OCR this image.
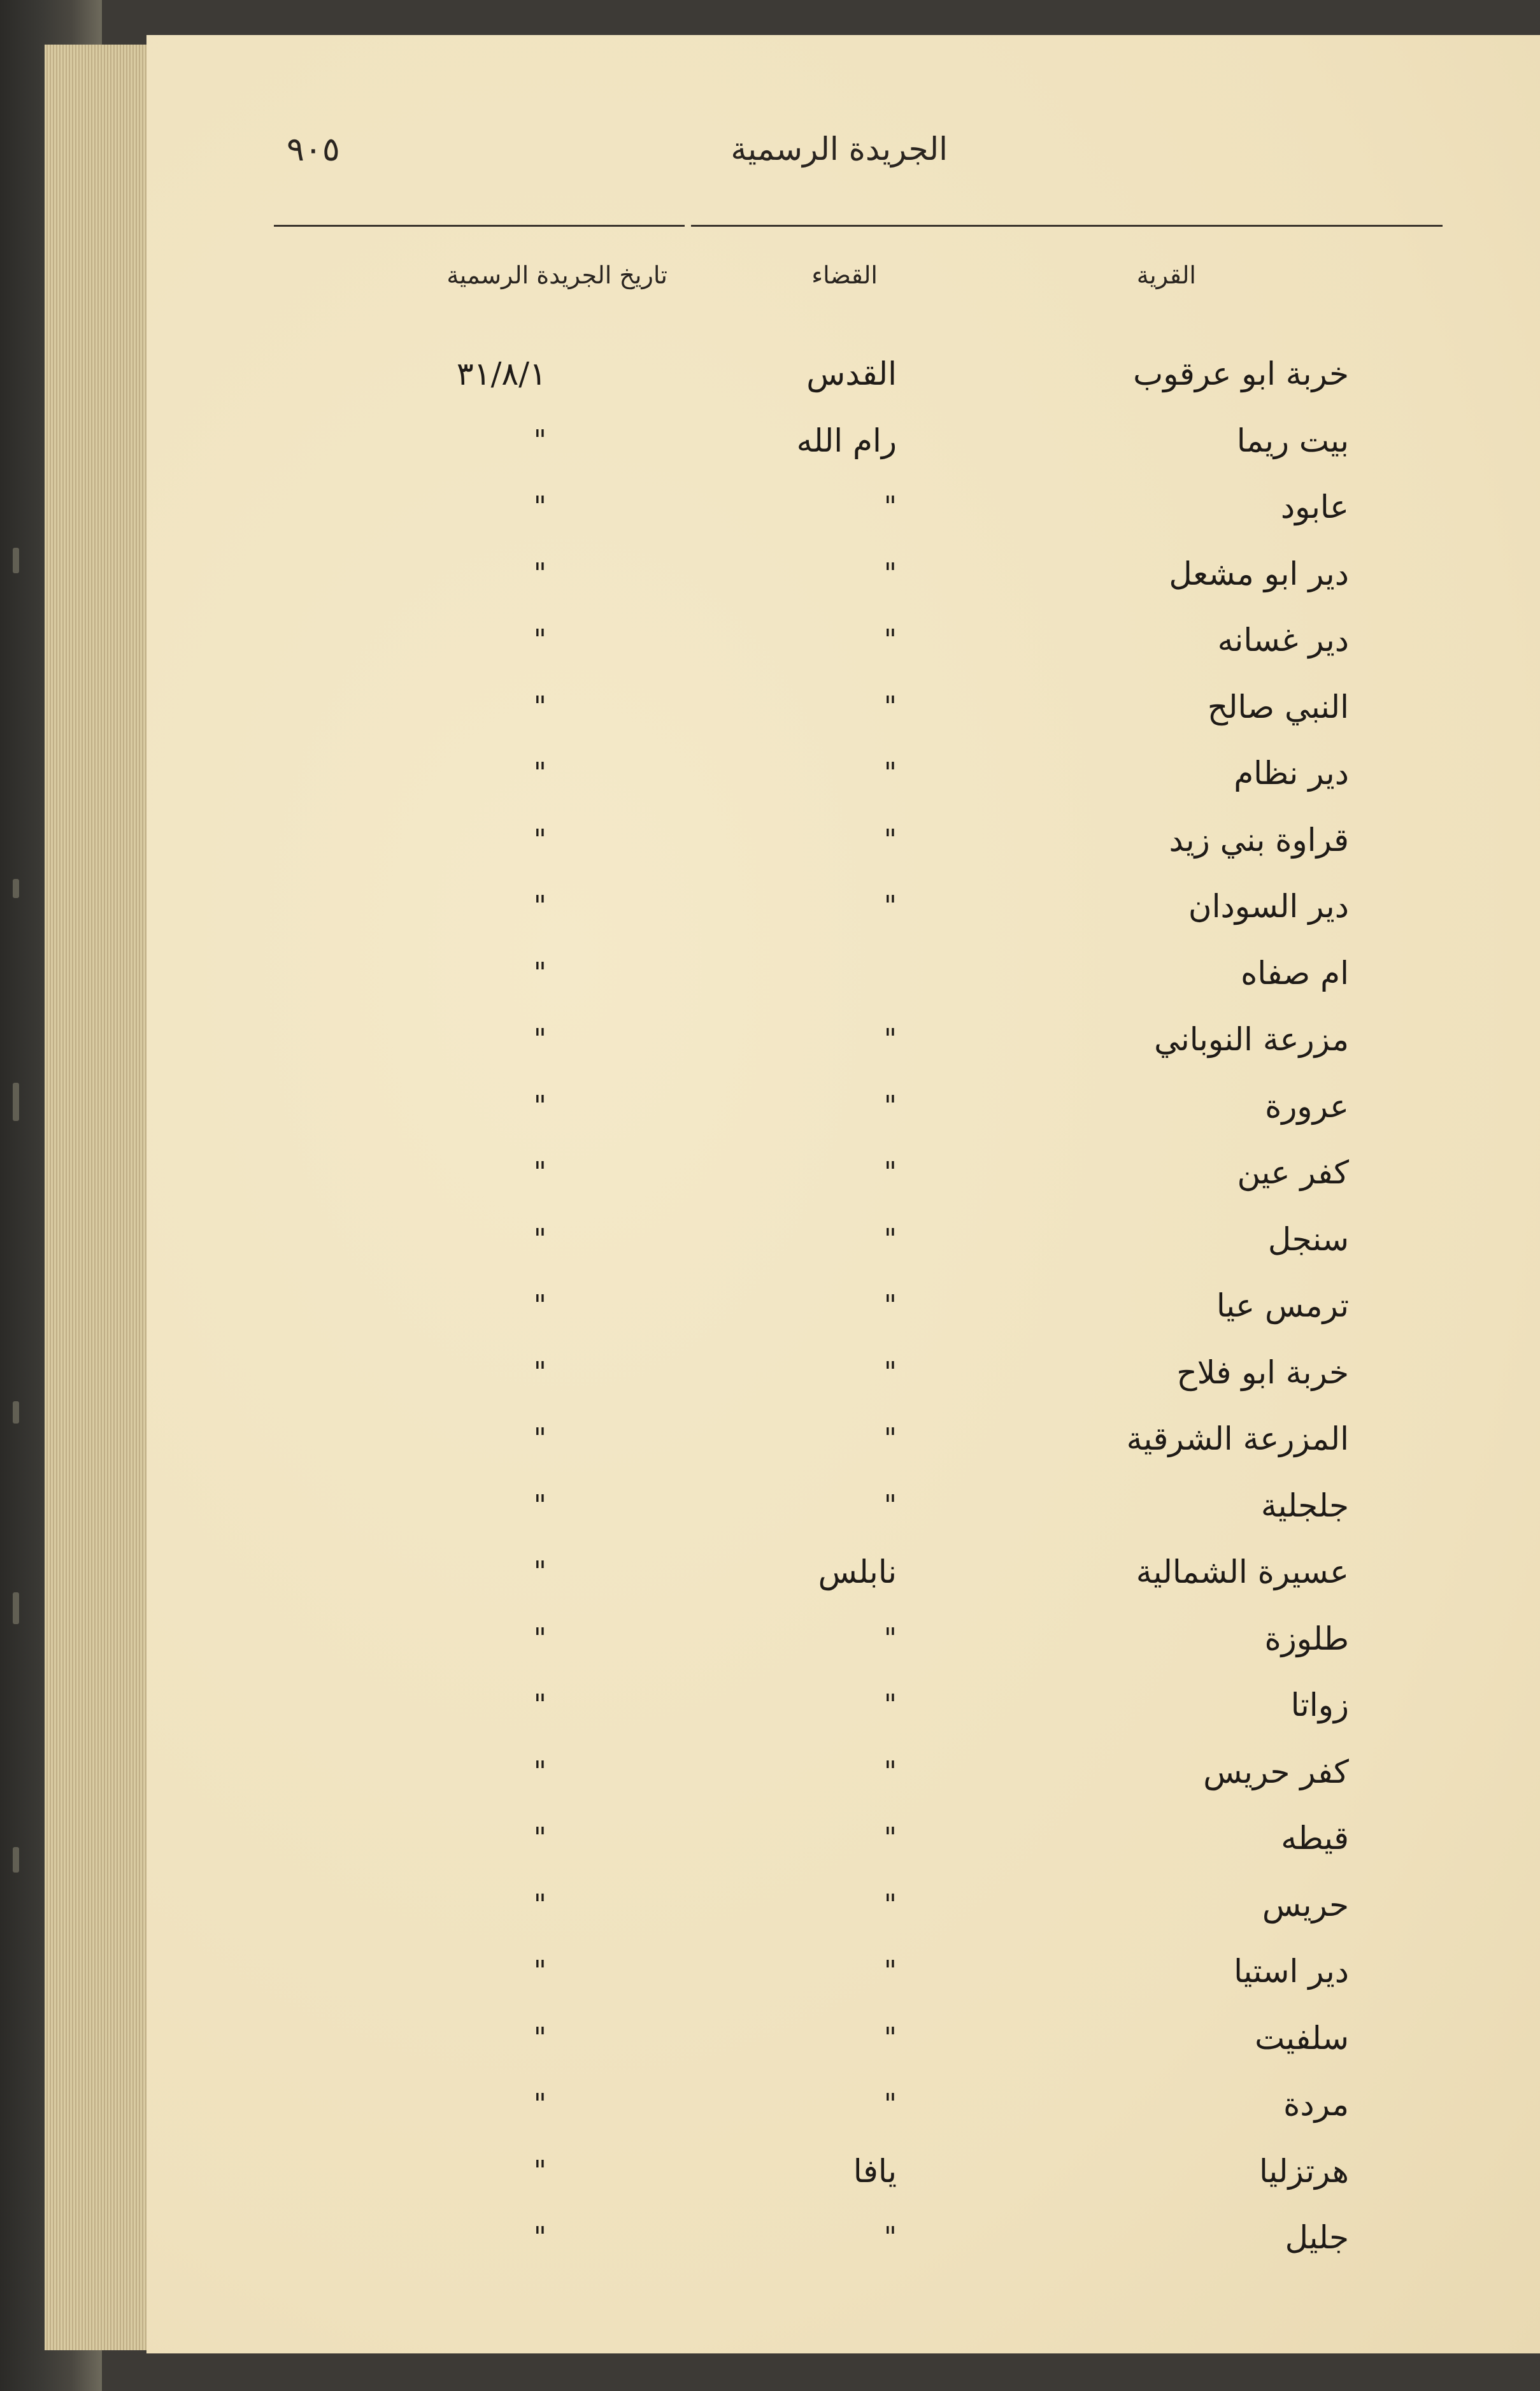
الجريدة الرسمية
٩٠٥
القرية
القضاء
تاريخ الجريدة الرسمية
خربة ابو عرقوب
القدس
٣١/٨/١
بيت ريما
رام الله
"
عابود
"
"
دير ابو مشعل
"
"
دير غسانه
"
"
النبي صالح
"
"
دير نظام
"
"
قراوة بني زيد
"
"
دير السودان
"
"
ام صفاه
"
مزرعة النوباني
"
"
عرورة
"
"
كفر عين
"
"
سنجل
"
"
ترمس عيا
"
"
خربة ابو فلاح
"
"
المزرعة الشرقية
"
"
جلجلية
"
"
عسيرة الشمالية
نابلس
"
طلوزة
"
"
زواتا
"
"
كفر حريس
"
"
قيطه
"
"
حريس
"
"
دير استيا
"
"
سلفيت
"
"
مردة
"
"
هرتزليا
يافا
"
جليل
"
"
